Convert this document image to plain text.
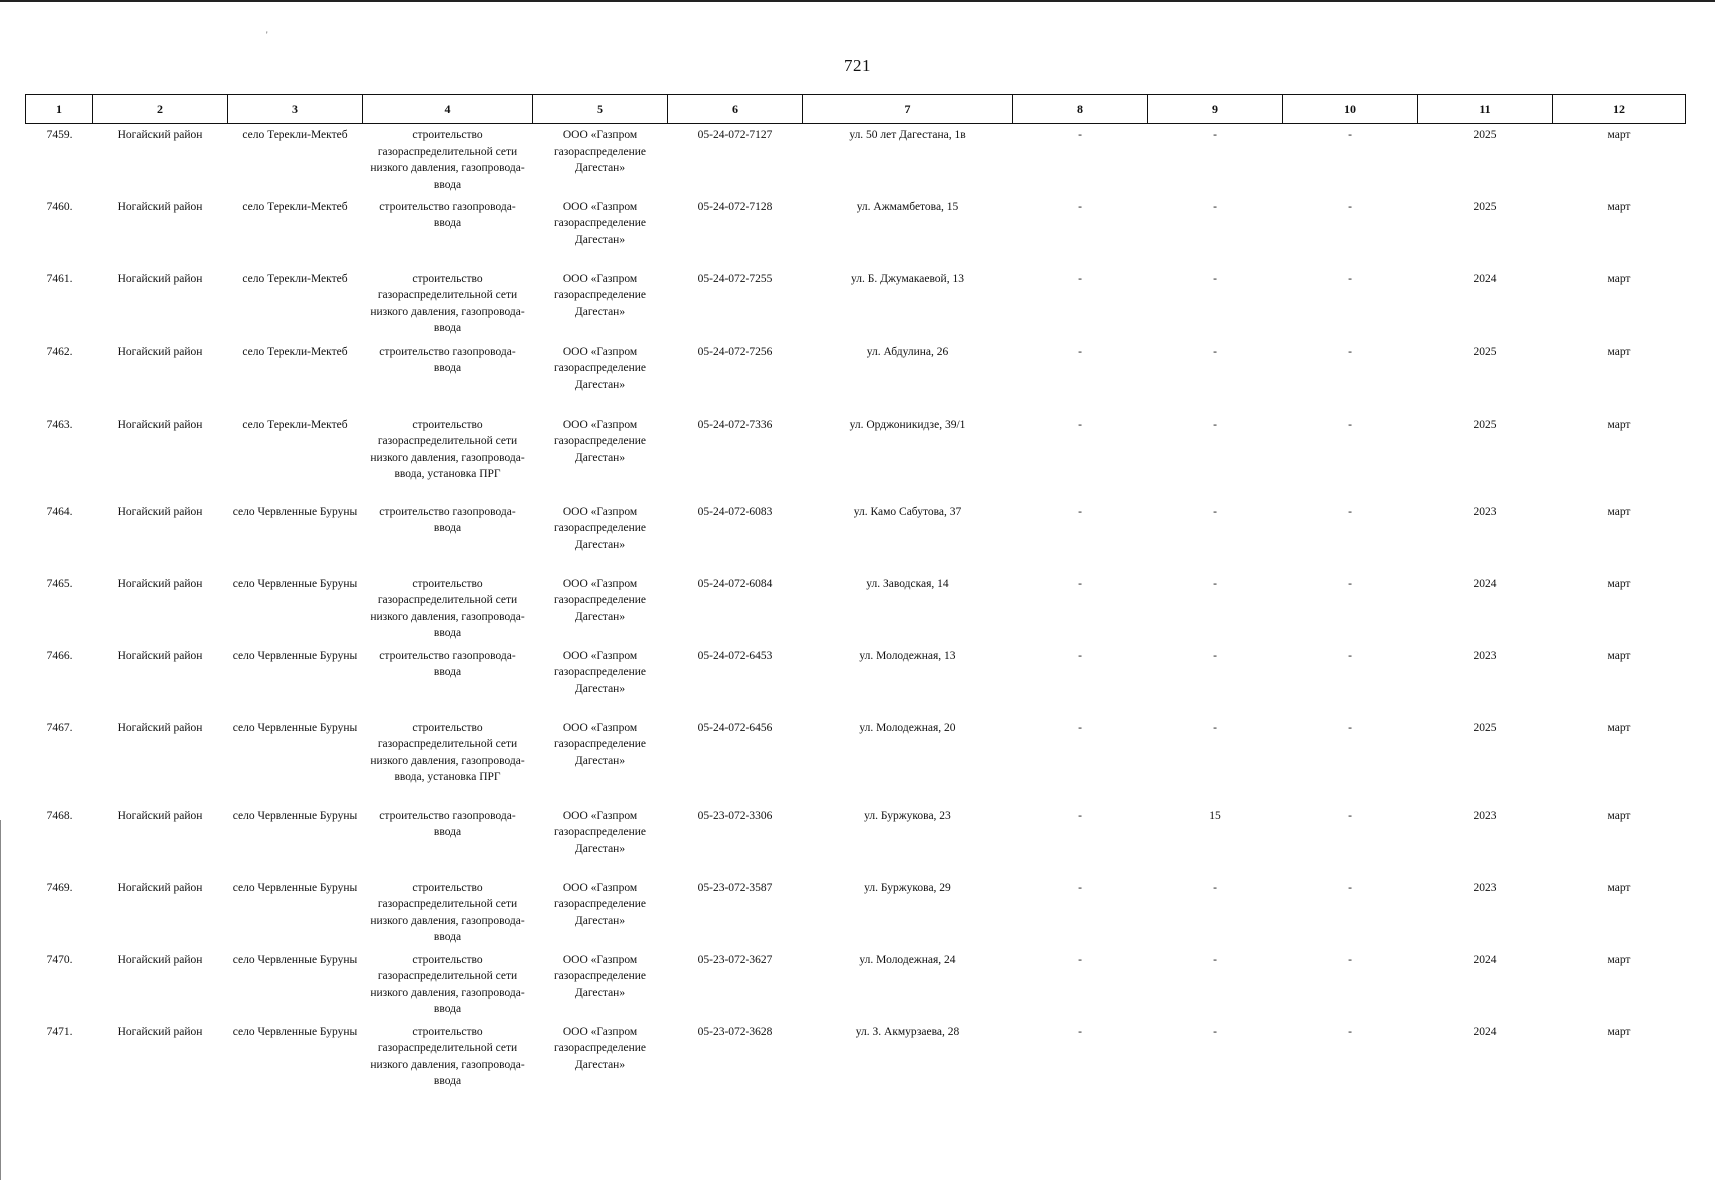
'
721
1	2	3	4	5	6	7	8	9	10	11	12
7459.	Ногайский район	село Терекли-Мектеб	строительство газораспределительной сети низкого давления, газопровода-ввода	ООО «Газпром газораспределение Дагестан»	05-24-072-7127	ул. 50 лет Дагестана, 1в	-	-	-	2025	март
7460.	Ногайский район	село Терекли-Мектеб	строительство газопровода-ввода	ООО «Газпром газораспределение Дагестан»	05-24-072-7128	ул. Ажмамбетова, 15	-	-	-	2025	март
7461.	Ногайский район	село Терекли-Мектеб	строительство газораспределительной сети низкого давления, газопровода-ввода	ООО «Газпром газораспределение Дагестан»	05-24-072-7255	ул. Б. Джумакаевой, 13	-	-	-	2024	март
7462.	Ногайский район	село Терекли-Мектеб	строительство газопровода-ввода	ООО «Газпром газораспределение Дагестан»	05-24-072-7256	ул. Абдулина, 26	-	-	-	2025	март
7463.	Ногайский район	село Терекли-Мектеб	строительство газораспределительной сети низкого давления, газопровода-ввода, установка ПРГ	ООО «Газпром газораспределение Дагестан»	05-24-072-7336	ул. Орджоникидзе, 39/1	-	-	-	2025	март
7464.	Ногайский район	село Червленные Буруны	строительство газопровода-ввода	ООО «Газпром газораспределение Дагестан»	05-24-072-6083	ул. Камо Сабутова, 37	-	-	-	2023	март
7465.	Ногайский район	село Червленные Буруны	строительство газораспределительной сети низкого давления, газопровода-ввода	ООО «Газпром газораспределение Дагестан»	05-24-072-6084	ул. Заводская, 14	-	-	-	2024	март
7466.	Ногайский район	село Червленные Буруны	строительство газопровода-ввода	ООО «Газпром газораспределение Дагестан»	05-24-072-6453	ул. Молодежная, 13	-	-	-	2023	март
7467.	Ногайский район	село Червленные Буруны	строительство газораспределительной сети низкого давления, газопровода-ввода, установка ПРГ	ООО «Газпром газораспределение Дагестан»	05-24-072-6456	ул. Молодежная, 20	-	-	-	2025	март
7468.	Ногайский район	село Червленные Буруны	строительство газопровода-ввода	ООО «Газпром газораспределение Дагестан»	05-23-072-3306	ул. Буржукова, 23	-	15	-	2023	март
7469.	Ногайский район	село Червленные Буруны	строительство газораспределительной сети низкого давления, газопровода-ввода	ООО «Газпром газораспределение Дагестан»	05-23-072-3587	ул. Буржукова, 29	-	-	-	2023	март
7470.	Ногайский район	село Червленные Буруны	строительство газораспределительной сети низкого давления, газопровода-ввода	ООО «Газпром газораспределение Дагестан»	05-23-072-3627	ул. Молодежная, 24	-	-	-	2024	март
7471.	Ногайский район	село Червленные Буруны	строительство газораспределительной сети низкого давления, газопровода-ввода	ООО «Газпром газораспределение Дагестан»	05-23-072-3628	ул. З. Акмурзаева, 28	-	-	-	2024	март
